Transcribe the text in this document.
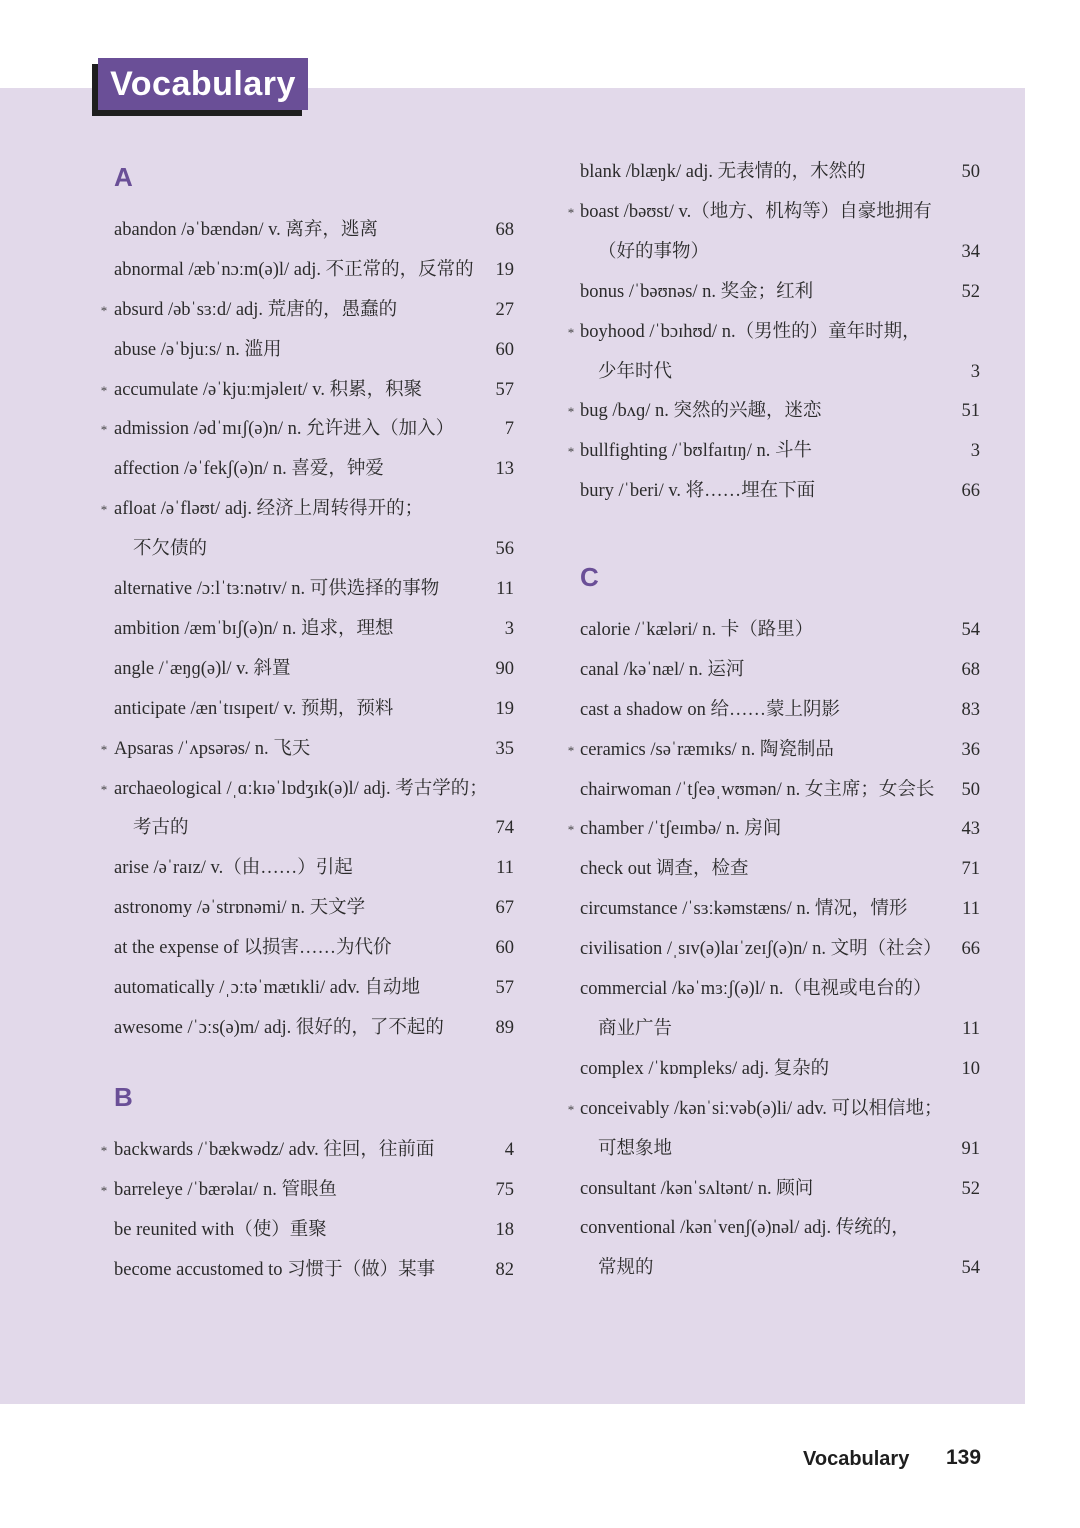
Vocabulary
A
abandon /əˈbændən/ v. 离弃，逃离	68
abnormal /æbˈnɔːm(ə)l/ adj. 不正常的，反常的	19
* absurd /əbˈsɜːd/ adj. 荒唐的，愚蠢的	27
abuse /əˈbjuːs/ n. 滥用	60
* accumulate /əˈkjuːmjəleɪt/ v. 积累，积聚	57
* admission /ədˈmɪʃ(ə)n/ n. 允许进入（加入）	7
affection /əˈfekʃ(ə)n/ n. 喜爱，钟爱	13
* afloat /əˈfləʊt/ adj. 经济上周转得开的；
不欠债的	56
alternative /ɔːlˈtɜːnətɪv/ n. 可供选择的事物	11
ambition /æmˈbɪʃ(ə)n/ n. 追求，理想	3
angle /ˈæŋɡ(ə)l/ v. 斜置	90
anticipate /ænˈtɪsɪpeɪt/ v. 预期，预料	19
* Apsaras /ˈʌpsərəs/ n. 飞天	35
* archaeological /ˌɑːkɪəˈlɒdʒɪk(ə)l/ adj. 考古学的；
考古的	74
arise /əˈraɪz/ v.（由……）引起	11
astronomy /əˈstrɒnəmi/ n. 天文学	67
at the expense of 以损害……为代价	60
automatically /ˌɔːtəˈmætɪkli/ adv. 自动地	57
awesome /ˈɔːs(ə)m/ adj. 很好的，了不起的	89
B
* backwards /ˈbækwədz/ adv. 往回，往前面	4
* barreleye /ˈbærəlaɪ/ n. 管眼鱼	75
be reunited with（使）重聚	18
become accustomed to 习惯于（做）某事	82
blank /blæŋk/ adj. 无表情的，木然的	50
* boast /bəʊst/ v.（地方、机构等）自豪地拥有
（好的事物）	34
bonus /ˈbəʊnəs/ n. 奖金；红利	52
* boyhood /ˈbɔɪhʊd/ n.（男性的）童年时期，
少年时代	3
* bug /bʌɡ/ n. 突然的兴趣，迷恋	51
* bullfighting /ˈbʊlfaɪtɪŋ/ n. 斗牛	3
bury /ˈberi/ v. 将……埋在下面	66
C
calorie /ˈkæləri/ n. 卡（路里）	54
canal /kəˈnæl/ n. 运河	68
cast a shadow on 给……蒙上阴影	83
* ceramics /səˈræmɪks/ n. 陶瓷制品	36
chairwoman /ˈtʃeəˌwʊmən/ n. 女主席；女会长	50
* chamber /ˈtʃeɪmbə/ n. 房间	43
check out 调查，检查	71
circumstance /ˈsɜːkəmstæns/ n. 情况，情形	11
civilisation /ˌsɪv(ə)laɪˈzeɪʃ(ə)n/ n. 文明（社会）	66
commercial /kəˈmɜːʃ(ə)l/ n.（电视或电台的）
商业广告	11
complex /ˈkɒmpleks/ adj. 复杂的	10
* conceivably /kənˈsiːvəb(ə)li/ adv. 可以相信地；
可想象地	91
consultant /kənˈsʌltənt/ n. 顾问	52
conventional /kənˈvenʃ(ə)nəl/ adj. 传统的，
常规的	54
Vocabulary 139
